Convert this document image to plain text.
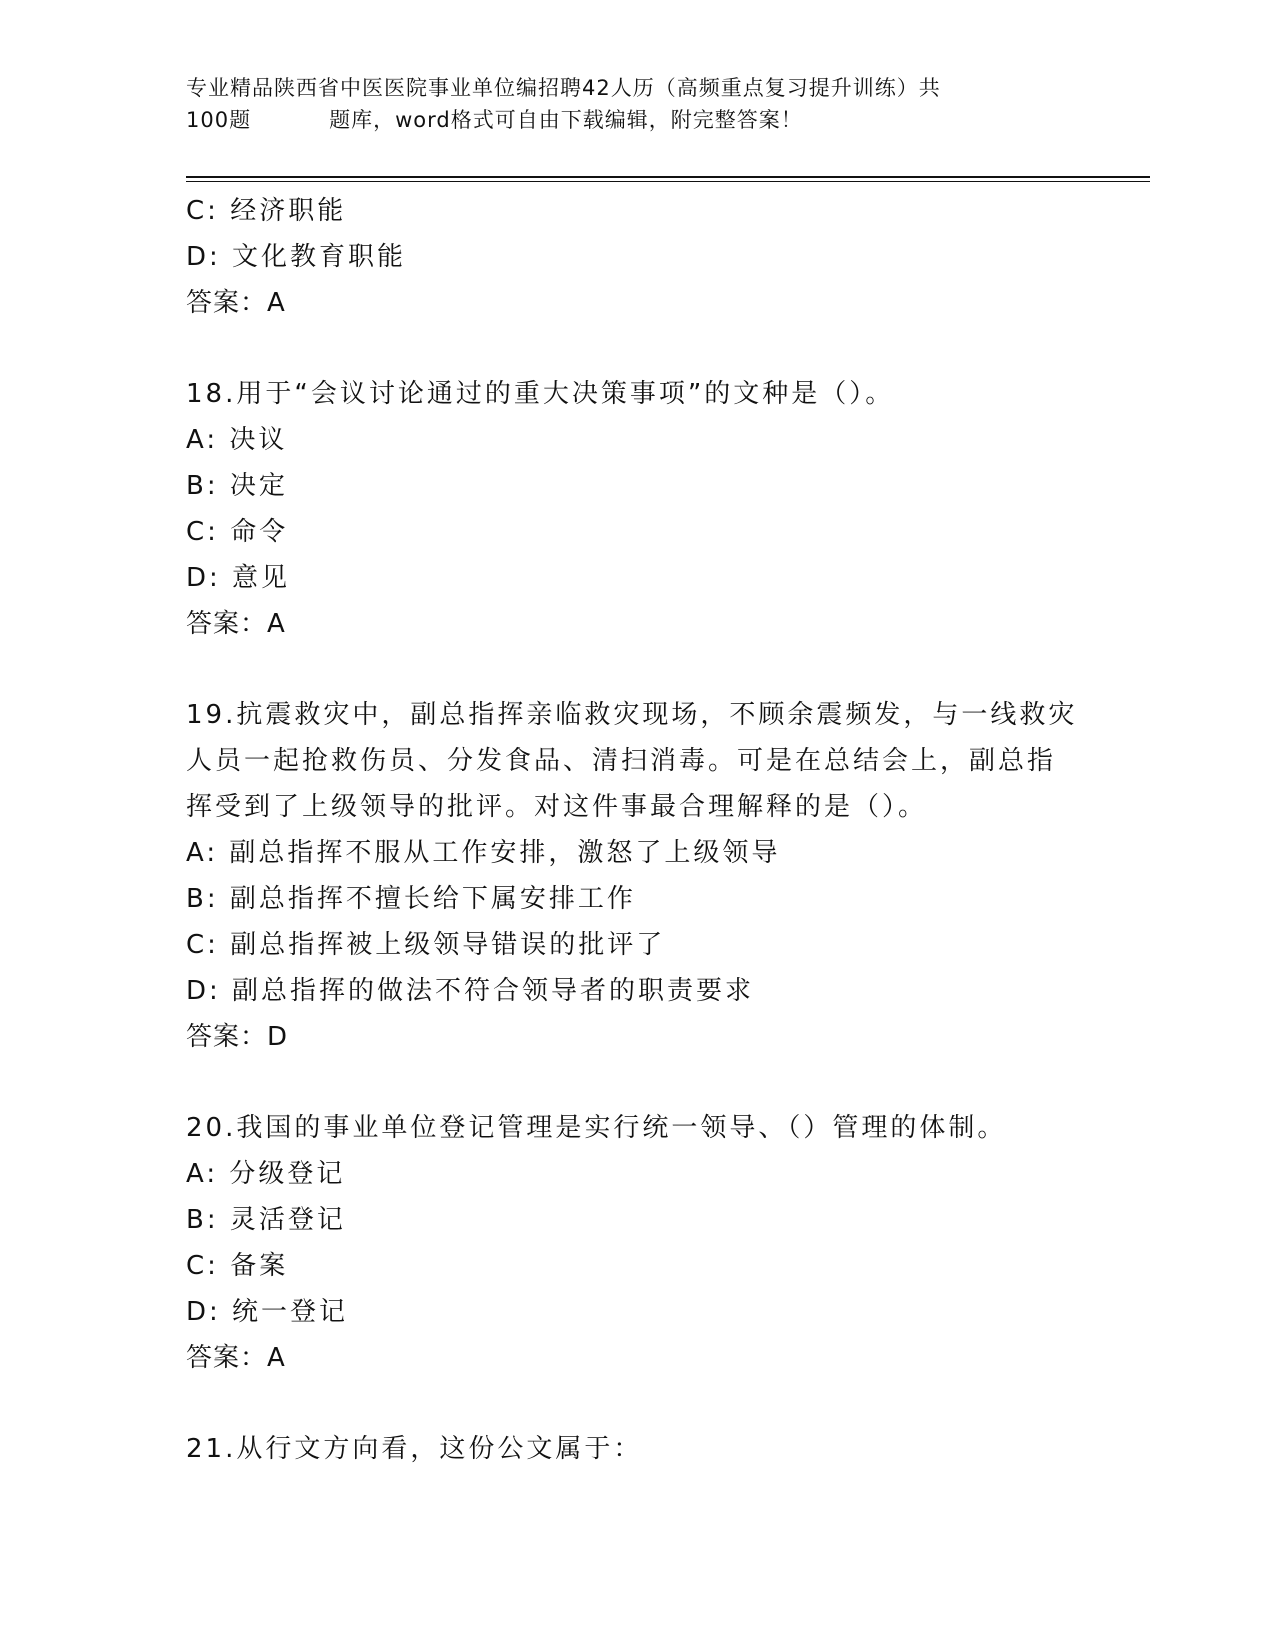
专业精品陕西省中医医院事业单位编招聘42人历（高频重点复习提升训练）共
100题	题库，word格式可自由下载编辑，附完整答案！
C: 经济职能
D: 文化教育职能
答案：A
18.用于“会议讨论通过的重大决策事项”的文种是（）。
A: 决议
B: 决定
C: 命令
D: 意见
答案：A
19.抗震救灾中，副总指挥亲临救灾现场，不顾余震频发，与一线救灾
人员一起抢救伤员、分发食品、清扫消毒。可是在总结会上，副总指
挥受到了上级领导的批评。对这件事最合理解释的是（）。
A: 副总指挥不服从工作安排，激怒了上级领导
B: 副总指挥不擅长给下属安排工作
C: 副总指挥被上级领导错误的批评了
D: 副总指挥的做法不符合领导者的职责要求
答案：D
20.我国的事业单位登记管理是实行统一领导、（）管理的体制。
A: 分级登记
B: 灵活登记
C: 备案
D: 统一登记
答案：A
21.从行文方向看，这份公文属于：
